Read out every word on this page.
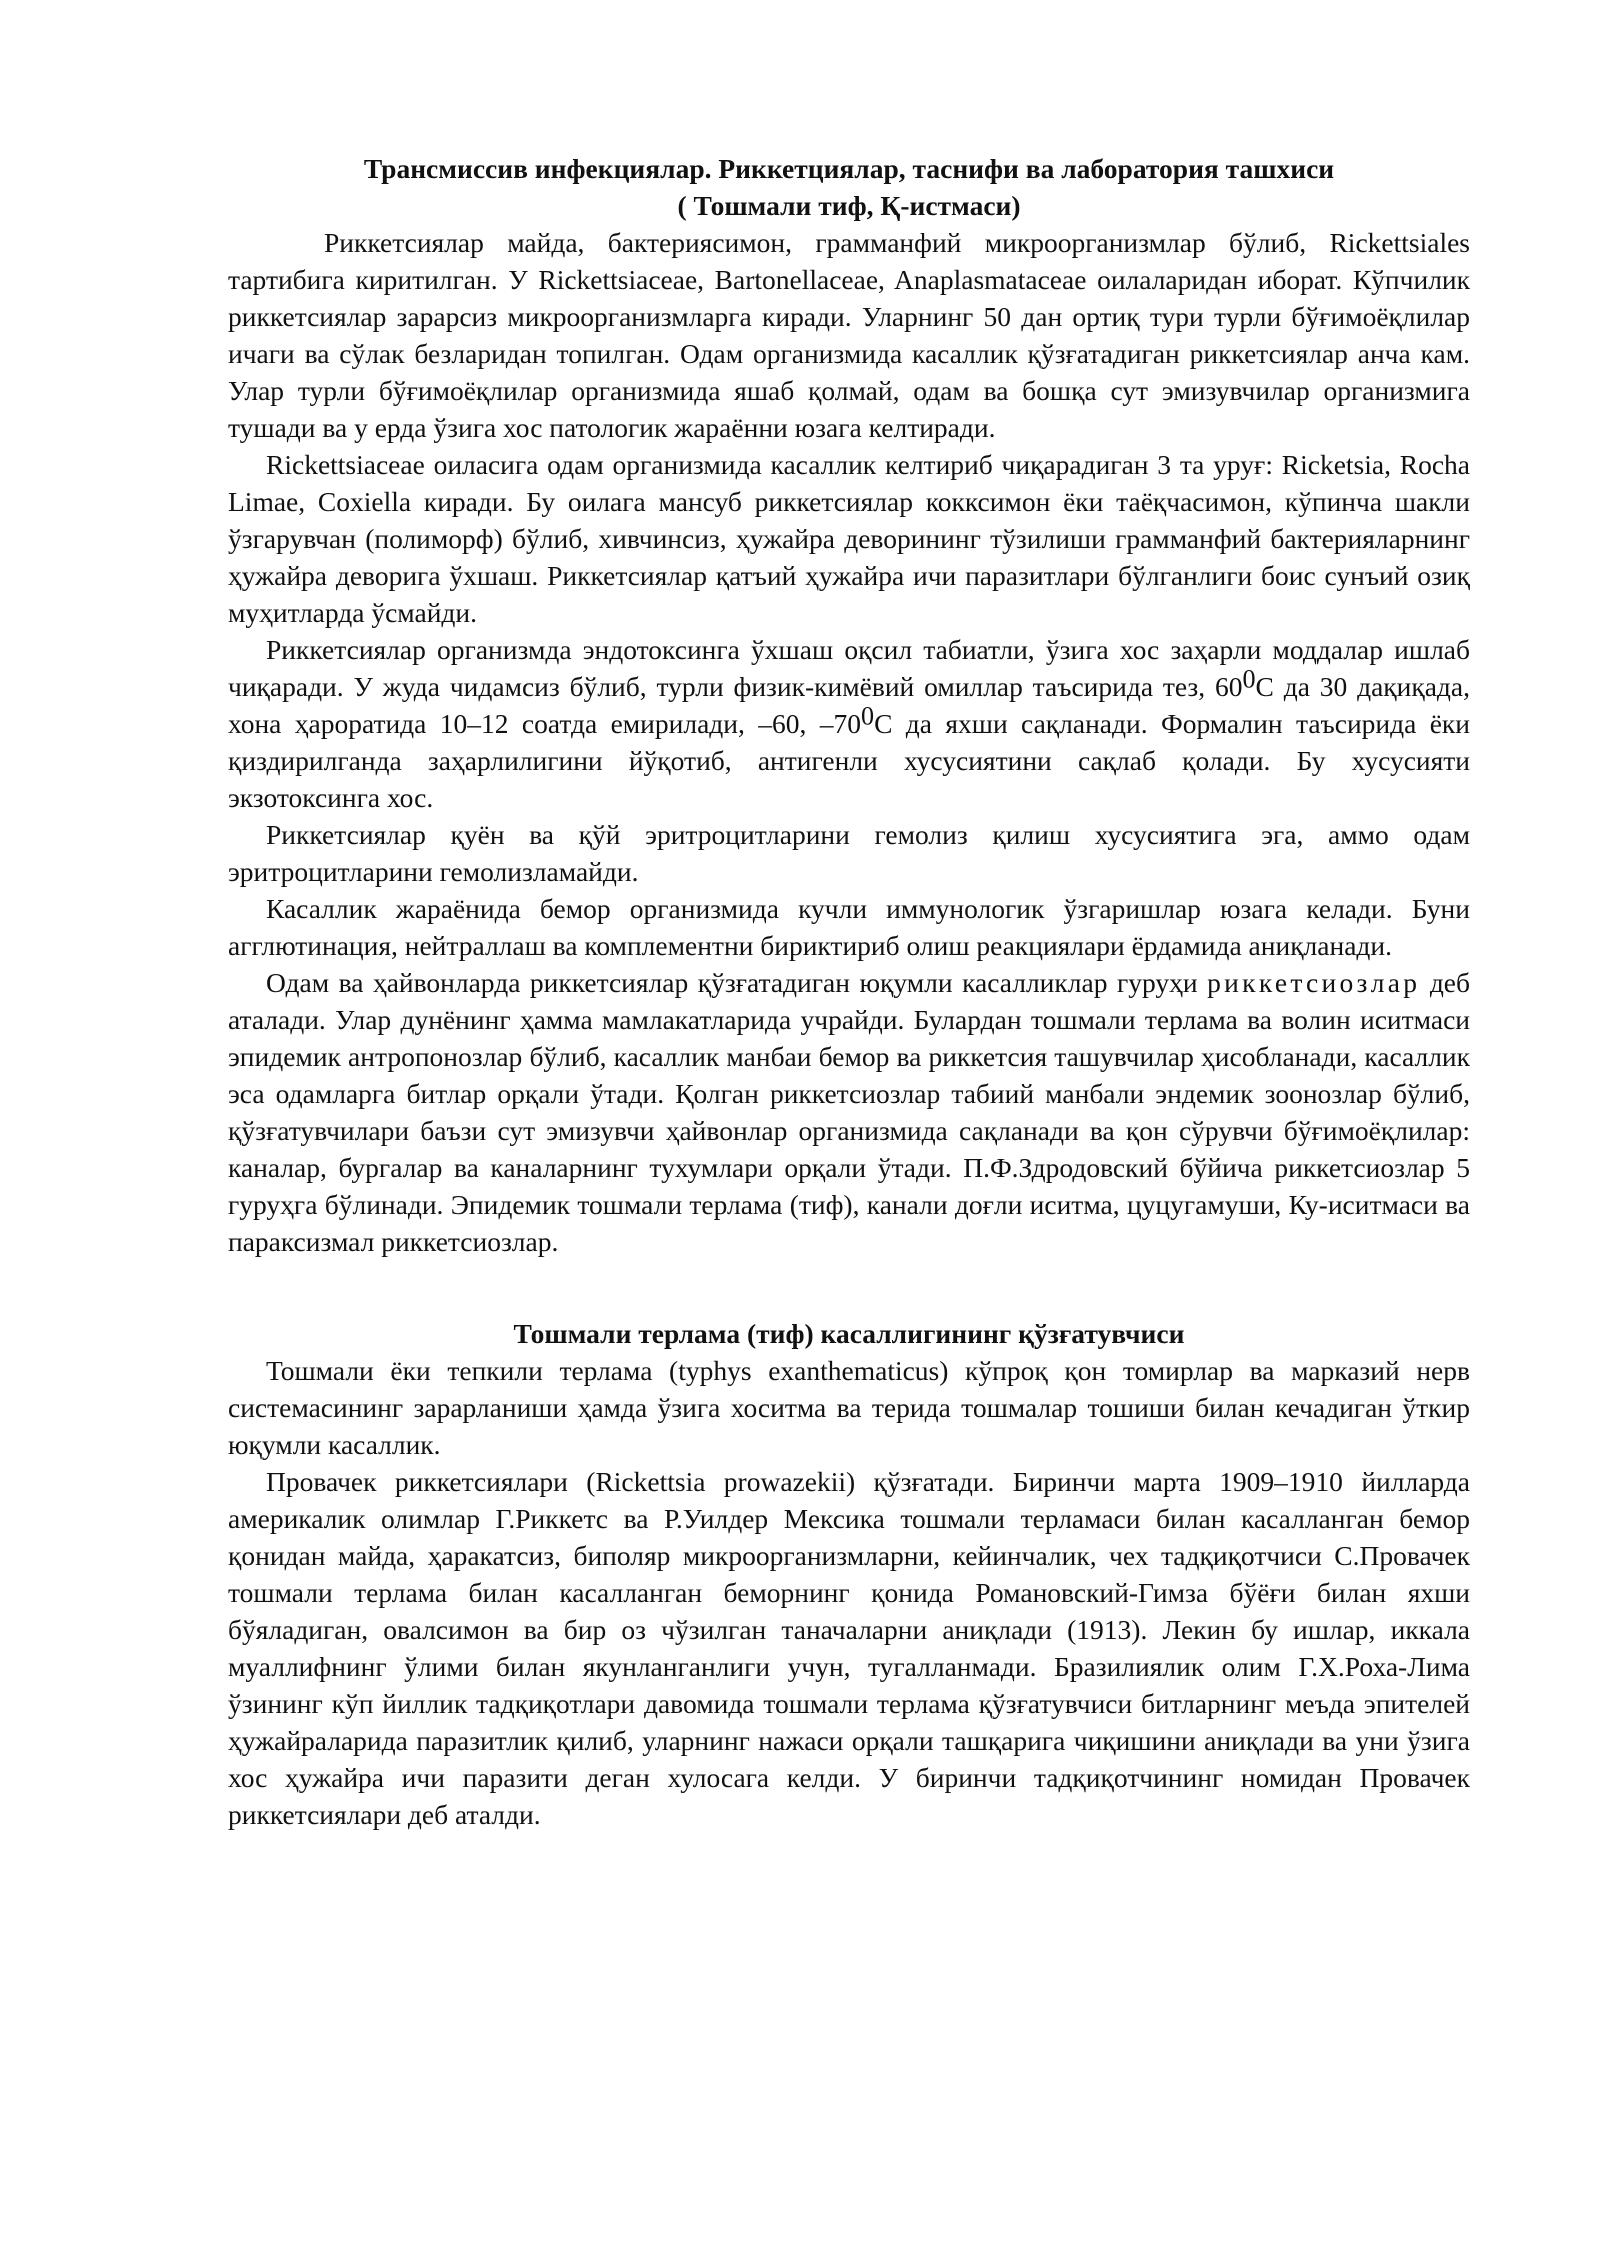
Трансмиссив инфекциялар. Риккетциялар, таснифи ва лаборатория ташхиси
( Тошмали тиф, Қ-истмаси)

Риккетсиялар майда, бактериясимон, грамманфий микроорганизмлар бўлиб, Rickettsiales тартибига киритилган. У Rickettsiaceae, Bartonellaceae, Anaplasmataceae оилаларидан иборат. Кўпчилик риккетсиялар зарарсиз микроорганизмларга киради. Уларнинг 50 дан ортиқ тури турли бўғимоёқлилар ичаги ва сўлак безларидан топилган. Одам организмида касаллик қўзғатадиган риккетсиялар анча кам. Улар турли бўғимоёқлилар организмида яшаб қолмай, одам ва бошқа сут эмизувчилар организмига тушади ва у ерда ўзига хос патологик жараённи юзага келтиради.

Rickettsiaceae оиласига одам организмида касаллик келтириб чиқарадиган 3 та уруғ: Ricketsia, Rocha Limae, Coxiella киради. Бу оилага мансуб риккетсиялар кокксимон ёки таёқчасимон, кўпинча шакли ўзгарувчан (полиморф) бўлиб, хивчинсиз, ҳужайра деворининг тўзилиши грамманфий бактерияларнинг ҳужайра деворига ўхшаш. Риккетсиялар қатъий ҳужайра ичи паразитлари бўлганлиги боис сунъий озиқ муҳитларда ўсмайди.

Риккетсиялар организмда эндотоксинга ўхшаш оқсил табиатли, ўзига хос заҳарли моддалар ишлаб чиқаради. У жуда чидамсиз бўлиб, турли физик-кимёвий омиллар таъсирида тез, 600С да 30 дақиқада, хона ҳароратида 10–12 соатда емирилади, –60, –700С да яхши сақланади. Формалин таъсирида ёки қиздирилганда заҳарлилигини йўқотиб, антигенли хусусиятини сақлаб қолади. Бу хусусияти экзотоксинга хос.

Риккетсиялар қуён ва қўй эритроцитларини гемолиз қилиш хусусиятига эга, аммо одам эритроцитларини гемолизламайди.

Касаллик жараёнида бемор организмида кучли иммунологик ўзгаришлар юзага келади. Буни агглютинация, нейтраллаш ва комплементни бириктириб олиш реакциялари ёрдамида аниқланади.

Одам ва ҳайвонларда риккетсиялар қўзғатадиган юқумли касалликлар гуруҳи риккетсиозлар деб аталади. Улар дунёнинг ҳамма мамлакатларида учрайди. Булардан тошмали терлама ва волин иситмаси эпидемик антропонозлар бўлиб, касаллик манбаи бемор ва риккетсия ташувчилар ҳисобланади, касаллик эса одамларга битлар орқали ўтади. Қолган риккетсиозлар табиий манбали эндемик зоонозлар бўлиб, қўзғатувчилари баъзи сут эмизувчи ҳайвонлар организмида сақланади ва қон сўрувчи бўғимоёқлилар: каналар, бургалар ва каналарнинг тухумлари орқали ўтади. П.Ф.Здродовский бўйича риккетсиозлар 5 гуруҳга бўлинади. Эпидемик тошмали терлама (тиф), канали доғли иситма, цуцугамуши, Ку-иситмаси ва параксизмал риккетсиозлар.

Тошмали терлама (тиф) касаллигининг қўзғатувчиси

Тошмали ёки тепкили терлама (typhys exanthematicus) кўпроқ қон томирлар ва марказий нерв системасининг зарарланиши ҳамда ўзига хоситма ва терида тошмалар тошиши билан кечадиган ўткир юқумли касаллик.

Провачек риккетсиялари (Rickettsia prowazekii) қўзғатади. Биринчи марта 1909–1910 йилларда америкалик олимлар Г.Риккетс ва Р.Уилдер Мексика тошмали терламаси билан касалланган бемор қонидан майда, ҳаракатсиз, биполяр микроорганизмларни, кейинчалик, чех тадқиқотчиси С.Провачек тошмали терлама билан касалланган беморнинг қонида Романовский-Гимза бўёғи билан яхши бўяладиган, овалсимон ва бир оз чўзилган таначаларни аниқлади (1913). Лекин бу ишлар, иккала муаллифнинг ўлими билан якунланганлиги учун, тугалланмади. Бразилиялик олим Г.Х.Роха-Лима ўзининг кўп йиллик тадқиқотлари давомида тошмали терлама қўзғатувчиси битларнинг меъда эпителей ҳужайраларида паразитлик қилиб, уларнинг нажаси орқали ташқарига чиқишини аниқлади ва уни ўзига хос ҳужайра ичи паразити деган хулосага келди. У биринчи тадқиқотчининг номидан Провачек риккетсиялари деб аталди.
